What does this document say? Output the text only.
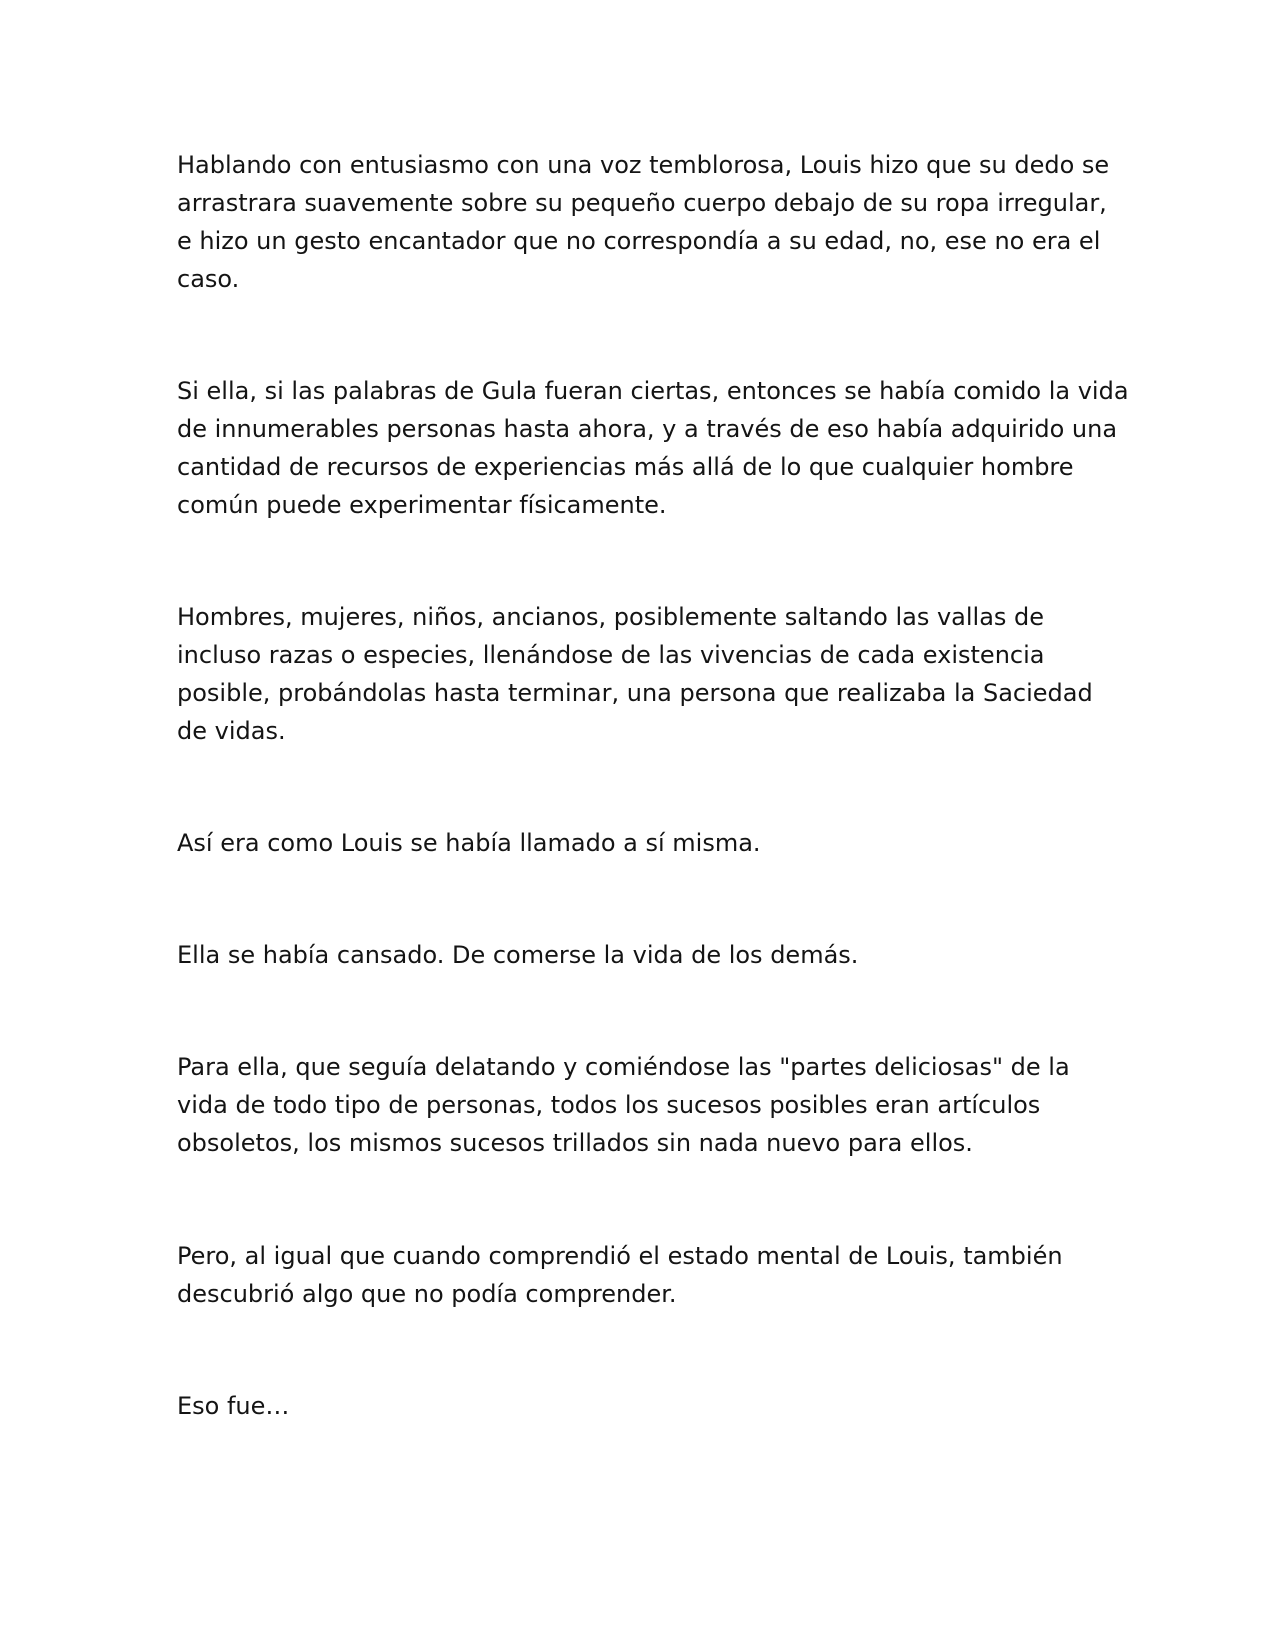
Hablando con entusiasmo con una voz temblorosa, Louis hizo que su dedo se
arrastrara suavemente sobre su pequeño cuerpo debajo de su ropa irregular,
e hizo un gesto encantador que no correspondía a su edad, no, ese no era el
caso.

Si ella, si las palabras de Gula fueran ciertas, entonces se había comido la vida
de innumerables personas hasta ahora, y a través de eso había adquirido una
cantidad de recursos de experiencias más allá de lo que cualquier hombre
común puede experimentar físicamente.

Hombres, mujeres, niños, ancianos, posiblemente saltando las vallas de
incluso razas o especies, llenándose de las vivencias de cada existencia
posible, probándolas hasta terminar, una persona que realizaba la Saciedad
de vidas.

Así era como Louis se había llamado a sí misma.

Ella se había cansado. De comerse la vida de los demás.

Para ella, que seguía delatando y comiéndose las "partes deliciosas" de la
vida de todo tipo de personas, todos los sucesos posibles eran artículos
obsoletos, los mismos sucesos trillados sin nada nuevo para ellos.

Pero, al igual que cuando comprendió el estado mental de Louis, también
descubrió algo que no podía comprender.

Eso fue…
